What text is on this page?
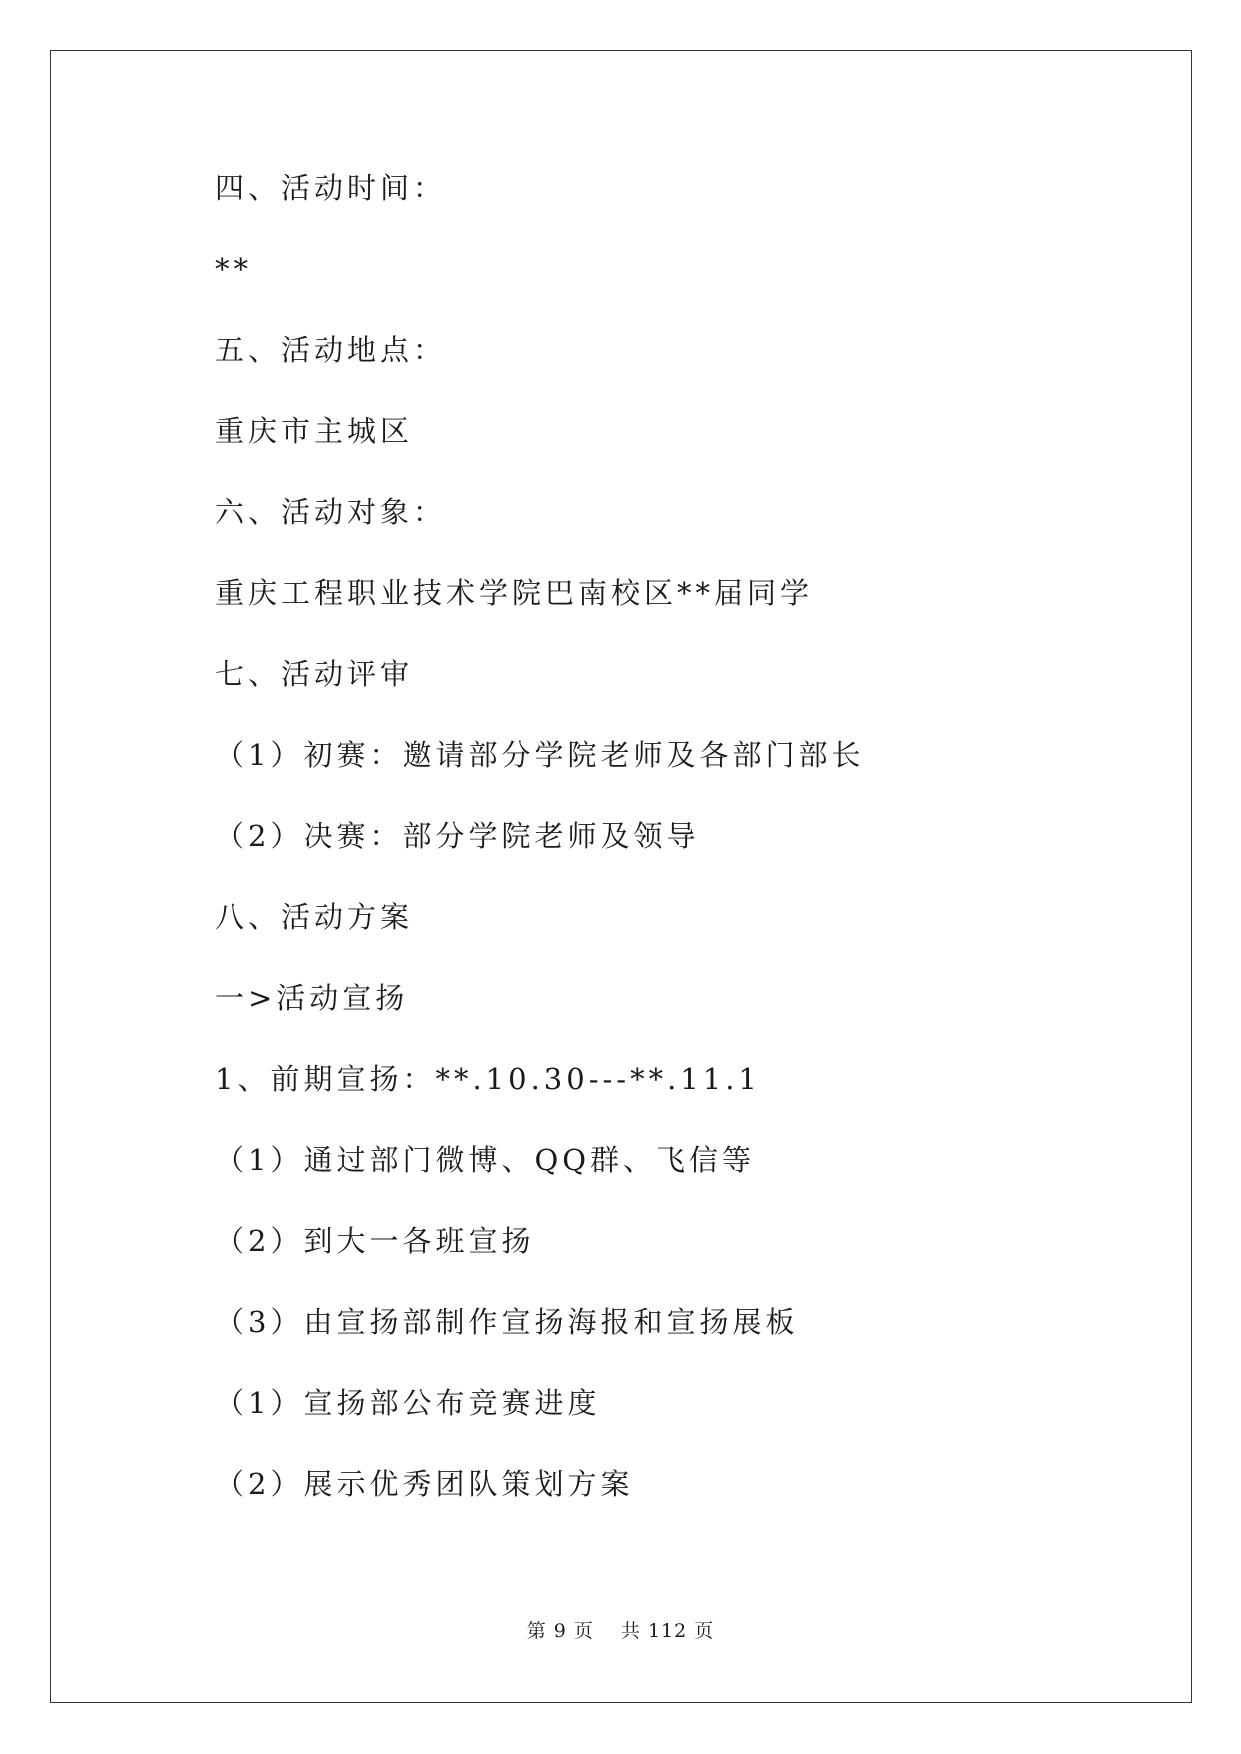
四、活动时间：
**
五、活动地点：
重庆市主城区
六、活动对象：
重庆工程职业技术学院巴南校区**届同学
七、活动评审
（1）初赛：邀请部分学院老师及各部门部长
（2）决赛：部分学院老师及领导
八、活动方案
一>活动宣扬
1、前期宣扬：**.10.30---**.11.1
（1）通过部门微博、QQ群、飞信等
（2）到大一各班宣扬
（3）由宣扬部制作宣扬海报和宣扬展板
（1）宣扬部公布竞赛进度
（2）展示优秀团队策划方案
第 9 页　 共 112 页
